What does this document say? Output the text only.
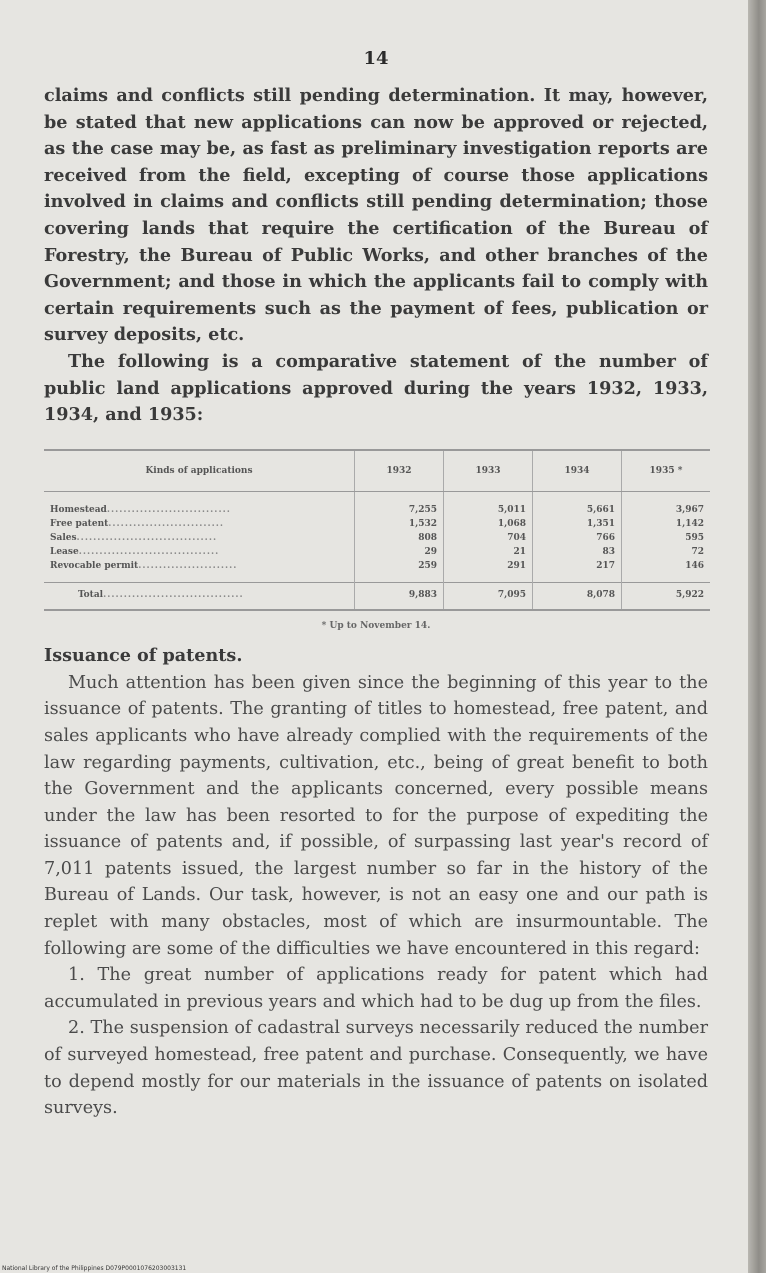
14

claims and conflicts still pending determination. It may, however, be stated that new applications can now be approved or rejected, as the case may be, as fast as preliminary investigation reports are received from the field, excepting of course those applications involved in claims and conflicts still pending determination; those covering lands that require the certification of the Bureau of Forestry, the Bureau of Public Works, and other branches of the Government; and those in which the applicants fail to comply with certain requirements such as the payment of fees, publication or survey deposits, etc.

The following is a comparative statement of the number of public land applications approved during the years 1932, 1933, 1934, and 1935:

Kinds of applications	1932	1933	1934	1935 *
Homestead..............................	7,255	5,011	5,661	3,967
Free patent............................	1,532	1,068	1,351	1,142
Sales..................................	808	704	766	595
Lease..................................	29	21	83	72
Revocable permit........................	259	291	217	146
Total..................................	9,883	7,095	8,078	5,922
* Up to November 14.
Issuance of patents.

Much attention has been given since the beginning of this year to the issuance of patents. The granting of titles to homestead, free patent, and sales applicants who have already complied with the requirements of the law regarding payments, cultivation, etc., being of great benefit to both the Government and the applicants concerned, every possible means under the law has been resorted to for the purpose of expediting the issuance of patents and, if possible, of surpassing last year's record of 7,011 patents issued, the largest number so far in the history of the Bureau of Lands. Our task, however, is not an easy one and our path is replet with many obstacles, most of which are insurmountable. The following are some of the difficulties we have encountered in this regard:

1. The great number of applications ready for patent which had accumulated in previous years and which had to be dug up from the files.

2. The suspension of cadastral surveys necessarily reduced the number of surveyed homestead, free patent and purchase. Consequently, we have to depend mostly for our materials in the issuance of patents on isolated surveys.

National Library of the Philippines D079P0001076203003131
